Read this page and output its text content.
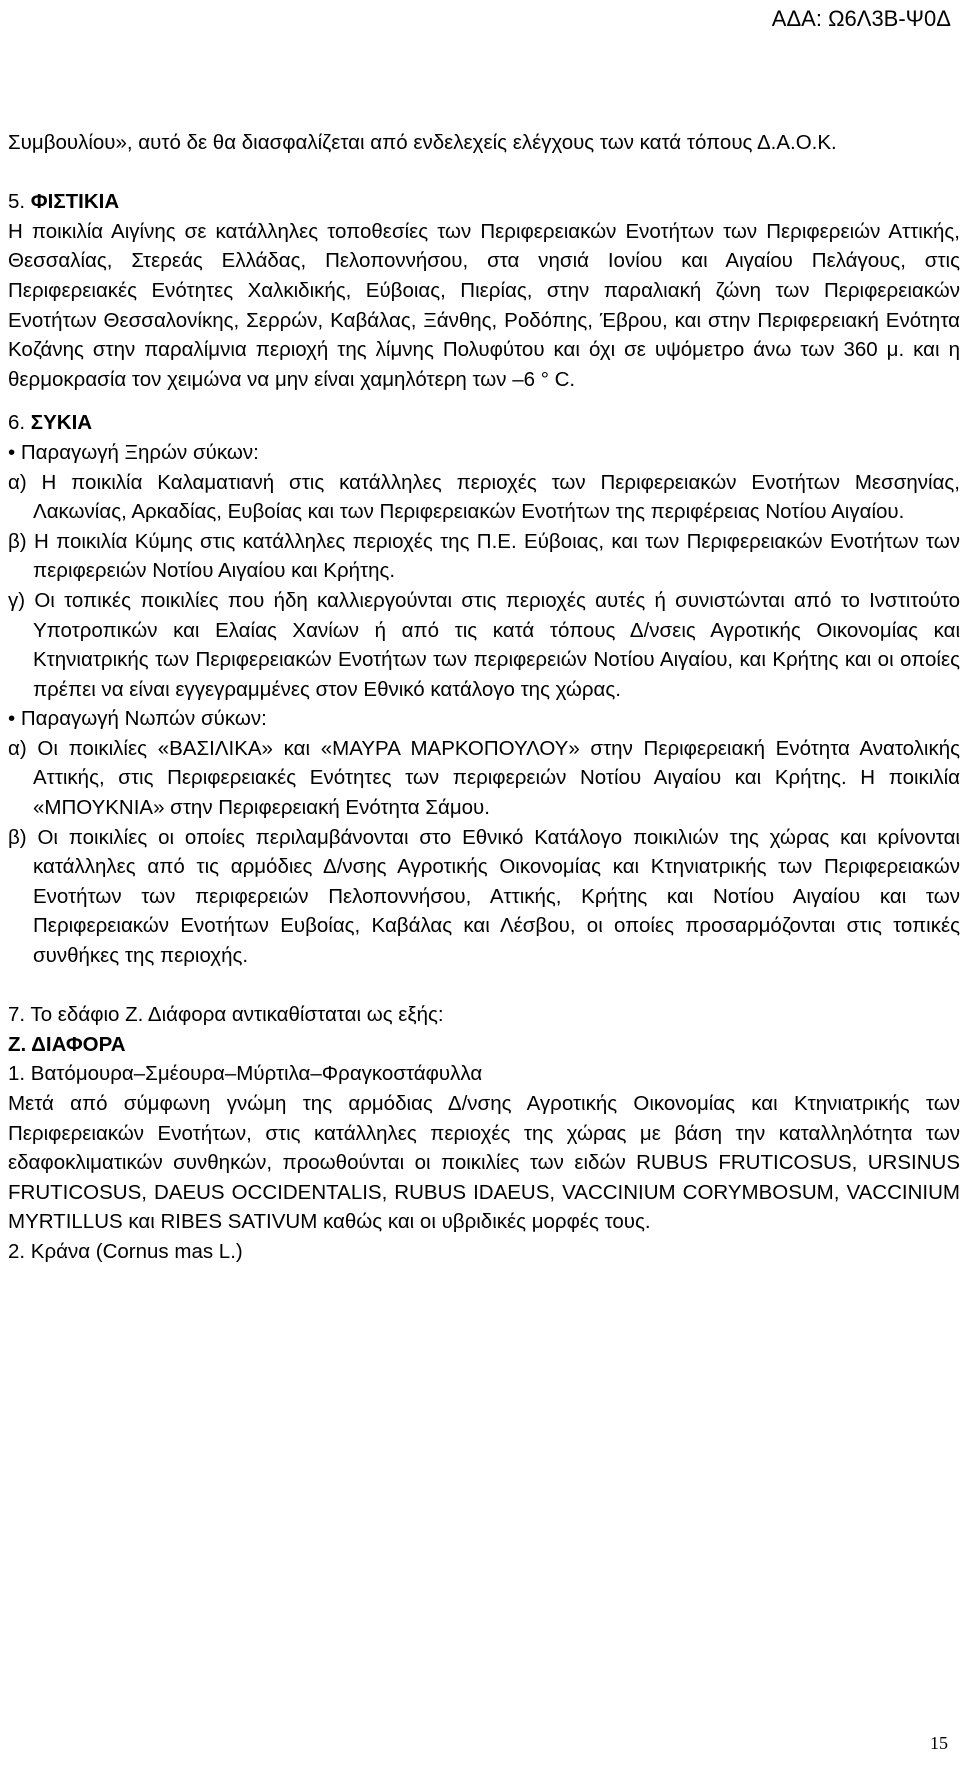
ΑΔΑ: Ω6Λ3Β-Ψ0Δ

Συμβουλίου», αυτό δε θα διασφαλίζεται από ενδελεχείς ελέγχους των κατά τόπους Δ.Α.Ο.Κ.

5. ΦΙΣΤΙΚΙΑ

Η ποικιλία Αιγίνης σε κατάλληλες τοποθεσίες των Περιφερειακών Ενοτήτων των Περιφερειών Αττικής, Θεσσαλίας, Στερεάς Ελλάδας, Πελοποννήσου, στα νησιά Ιονίου και Αιγαίου Πελάγους, στις Περιφερειακές Ενότητες Χαλκιδικής, Εύβοιας, Πιερίας, στην παραλιακή ζώνη των Περιφερειακών Ενοτήτων Θεσσαλονίκης, Σερρών, Καβάλας, Ξάνθης, Ροδόπης, Έβρου, και στην Περιφερειακή Ενότητα Κοζάνης στην παραλίμνια περιοχή της λίμνης Πολυφύτου και όχι σε υψόμετρο άνω των 360 μ. και η θερμοκρασία τον χειμώνα να μην είναι χαμηλότερη των –6 ° C.

6. ΣΥΚΙΑ

• Παραγωγή Ξηρών σύκων:

α) Η ποικιλία Καλαματιανή στις κατάλληλες περιοχές των Περιφερειακών Ενοτήτων Μεσσηνίας, Λακωνίας, Αρκαδίας, Ευβοίας και των Περιφερειακών Ενοτήτων της περιφέρειας Νοτίου Αιγαίου.

β) Η ποικιλία Κύμης στις κατάλληλες περιοχές της Π.Ε. Εύβοιας, και των Περιφερειακών Ενοτήτων των περιφερειών Νοτίου Αιγαίου και Κρήτης.

γ) Οι τοπικές ποικιλίες που ήδη καλλιεργούνται στις περιοχές αυτές ή συνιστώνται από το Ινστιτούτο Υποτροπικών και Ελαίας Χανίων ή από τις κατά τόπους Δ/νσεις Αγροτικής Οικονομίας και Κτηνιατρικής των Περιφερειακών Ενοτήτων των περιφερειών Νοτίου Αιγαίου, και Κρήτης και οι οποίες πρέπει να είναι εγγεγραμμένες στον Εθνικό κατάλογο της χώρας.

• Παραγωγή Νωπών σύκων:

α) Οι ποικιλίες «ΒΑΣΙΛΙΚΑ» και «ΜΑΥΡΑ ΜΑΡΚΟΠΟΥΛΟΥ» στην Περιφερειακή Ενότητα Ανατολικής Αττικής, στις Περιφερειακές Ενότητες των περιφερειών Νοτίου Αιγαίου και Κρήτης. Η ποικιλία «ΜΠΟΥΚΝΙΑ» στην Περιφερειακή Ενότητα Σάμου.

β) Οι ποικιλίες οι οποίες περιλαμβάνονται στο Εθνικό Κατάλογο ποικιλιών της χώρας και κρίνονται κατάλληλες από τις αρμόδιες Δ/νσης Αγροτικής Οικονομίας και Κτηνιατρικής των Περιφερειακών Ενοτήτων των περιφερειών Πελοποννήσου, Αττικής, Κρήτης και Νοτίου Αιγαίου και των Περιφερειακών Ενοτήτων Ευβοίας, Καβάλας και Λέσβου, οι οποίες προσαρμόζονται στις τοπικές συνθήκες της περιοχής.

7. Το εδάφιο Ζ. Διάφορα αντικαθίσταται ως εξής:

Ζ. ΔΙΑΦΟΡΑ

1. Βατόμουρα–Σμέουρα–Μύρτιλα–Φραγκοστάφυλλα

Μετά από σύμφωνη γνώμη της αρμόδιας Δ/νσης Αγροτικής Οικονομίας και Κτηνιατρικής των Περιφερειακών Ενοτήτων, στις κατάλληλες περιοχές της χώρας με βάση την καταλληλότητα των εδαφοκλιματικών συνθηκών, προωθούνται οι ποικιλίες των ειδών RUBUS FRUTICOSUS, URSINUS FRUTICOSUS, DAEUS OCCIDENTALIS, RUBUS IDAEUS, VACCINIUM CORYMBOSUM, VACCINIUM MYRTILLUS και RIBES SATIVUM καθώς και οι υβριδικές μορφές τους.

2. Κράνα (Cornus mas L.)

15
